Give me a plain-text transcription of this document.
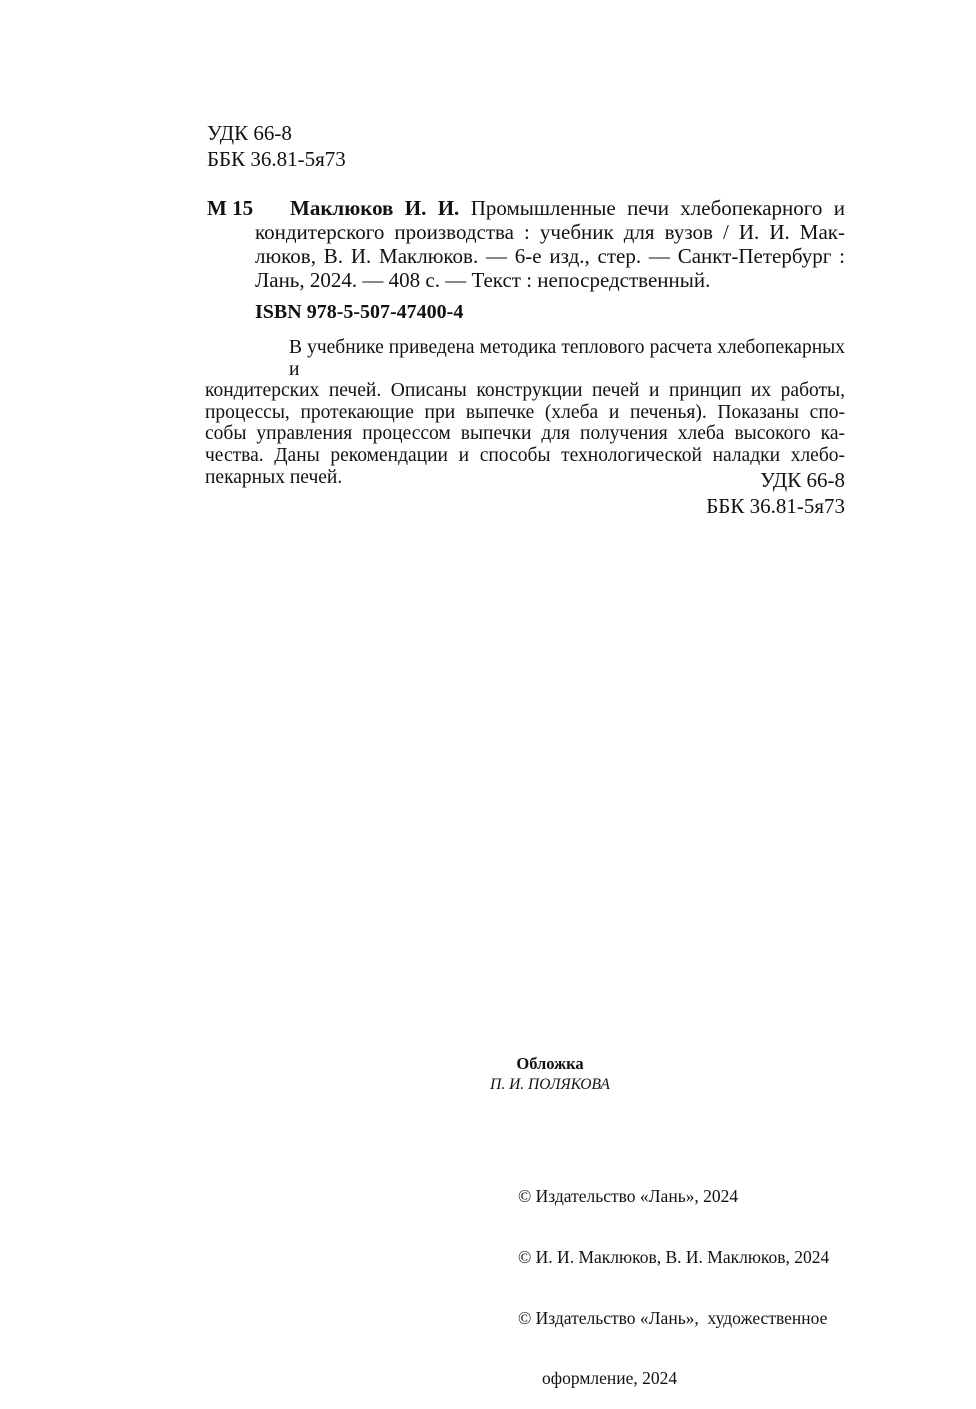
УДК 66-8
ББК 36.81-5я73
М 15	Маклюков И. И. Промышленные печи хлебопекарного и
кондитерского производства : учебник для вузов / И. И. Мак-
люков, В. И. Маклюков. — 6-е изд., стер. — Санкт-Петербург :
Лань, 2024. — 408 с. — Текст : непосредственный.
ISBN 978-5-507-47400-4
В учебнике приведена методика теплового расчета хлебопекарных и
кондитерских печей. Описаны конструкции печей и принцип их работы,
процессы, протекающие при выпечке (хлеба и печенья). Показаны спо-
собы управления процессом выпечки для получения хлеба высокого ка-
чества. Даны рекомендации и способы технологической наладки хлебо-
пекарных печей.	УДК 66-8
ББК 36.81-5я73
Обложка
П. И. ПОЛЯКОВА

© Издательство «Лань», 2024

© И. И. Маклюков, В. И. Маклюков, 2024

© Издательство «Лань»,  художественное

оформление, 2024
